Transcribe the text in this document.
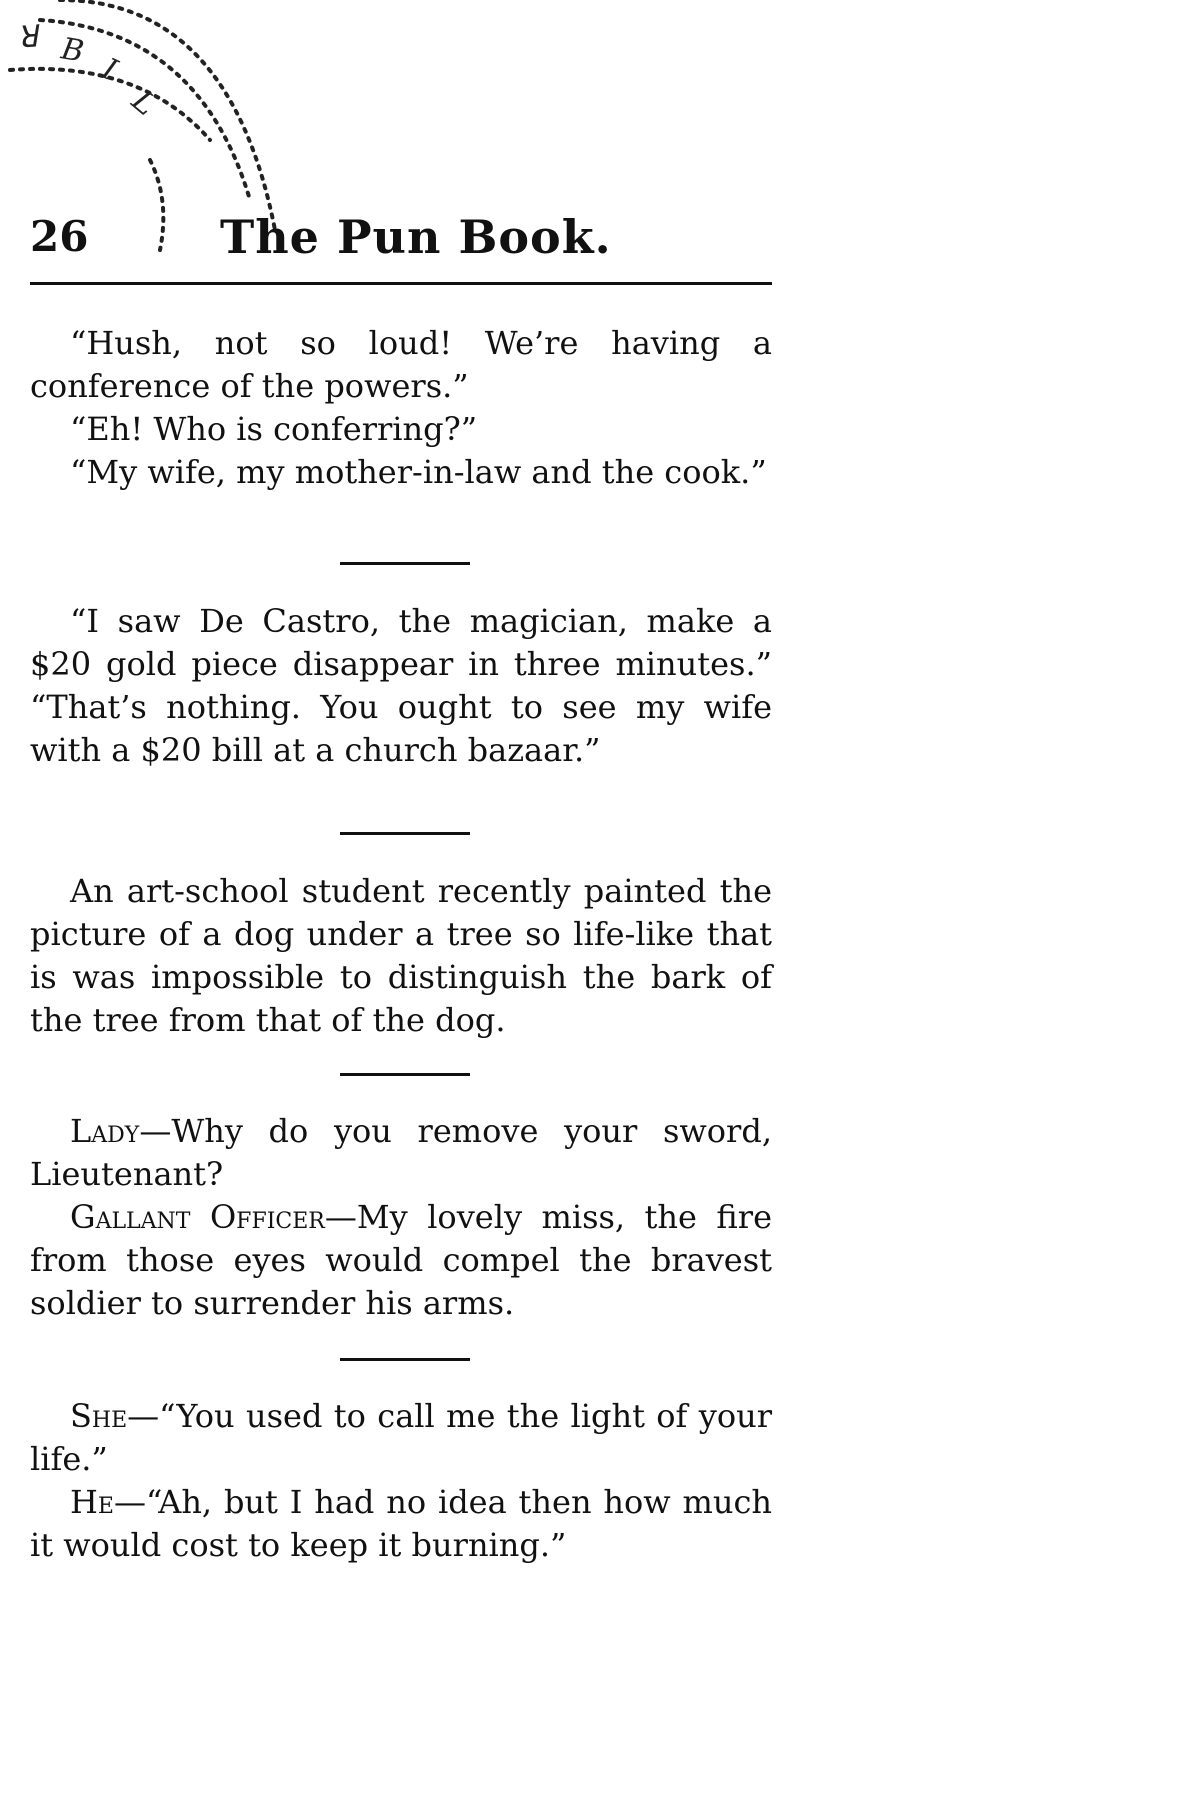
ꓤ B
I
L
26	The Pun Book.

“Hush, not so loud! We’re having a conference of the powers.”

“Eh! Who is conferring?”

“My wife, my mother-in-law and the cook.”

“I saw De Castro, the magician, make a $20 gold piece disappear in three minutes.” “That’s nothing. You ought to see my wife with a $20 bill at a church bazaar.”

An art-school student recently painted the picture of a dog under a tree so life-like that is was impossible to distinguish the bark of the tree from that of the dog.

Lady—Why do you remove your sword, Lieutenant?

Gallant Officer—My lovely miss, the fire from those eyes would compel the bravest soldier to surrender his arms.

She—“You used to call me the light of your life.”

He—“Ah, but I had no idea then how much it would cost to keep it burning.”
